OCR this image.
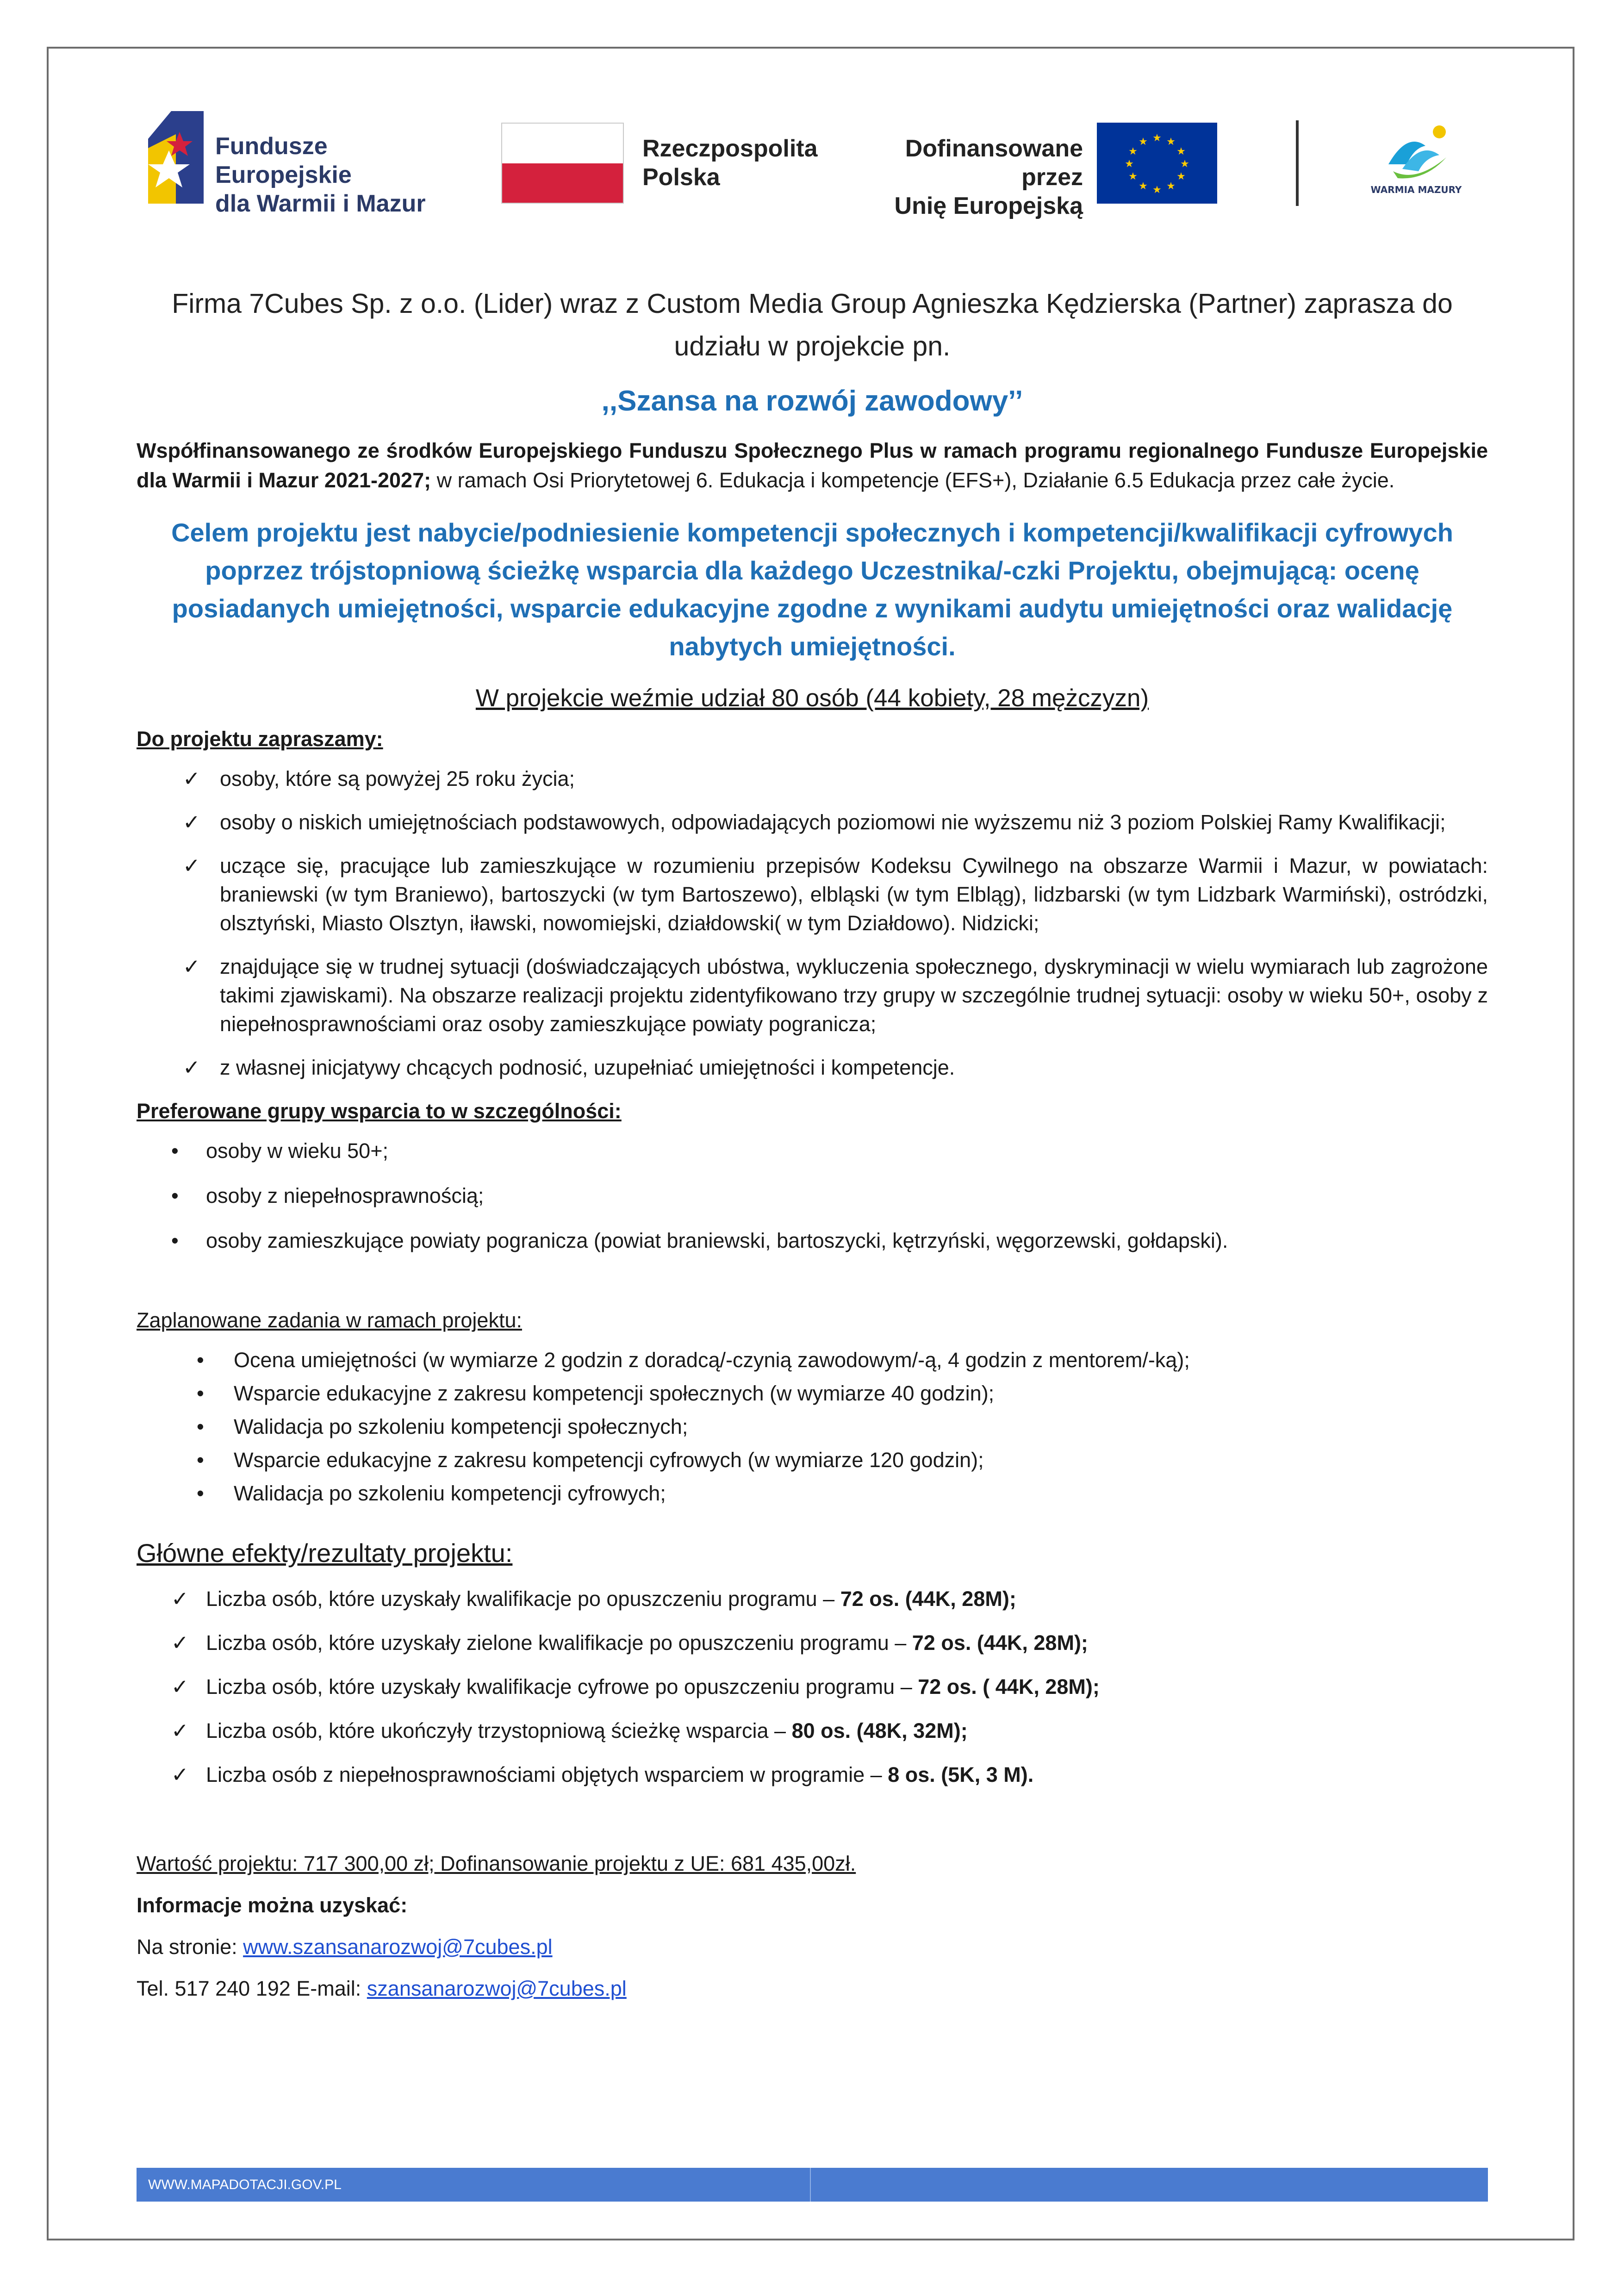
Fundusze Europejskie
dla Warmii i Mazur
Rzeczpospolita
Polska
Dofinansowane przez
Unię Europejską
★ ★
★
★
★
★
★
★
★
★
★
★
WARMIA MAZURY

Firma 7Cubes Sp. z o.o. (Lider) wraz z Custom Media Group Agnieszka Kędzierska (Partner) zaprasza do udziału w projekcie pn.

,,Szansa na rozwój zawodowy’’

Współfinansowanego ze środków Europejskiego Funduszu Społecznego Plus w ramach programu regionalnego Fundusze Europejskie dla Warmii i Mazur 2021-2027; w ramach Osi Priorytetowej 6. Edukacja i kompetencje (EFS+), Działanie 6.5 Edukacja przez całe życie.

Celem projektu jest nabycie/podniesienie kompetencji społecznych i kompetencji/kwalifikacji cyfrowych poprzez trójstopniową ścieżkę wsparcia dla każdego Uczestnika/-czki Projektu, obejmującą: ocenę posiadanych umiejętności, wsparcie edukacyjne zgodne z wynikami audytu umiejętności oraz walidację nabytych umiejętności.

W projekcie weźmie udział 80 osób (44 kobiety, 28 mężczyzn)

Do projektu zapraszamy:
✓ osoby, które są powyżej 25 roku życia;
✓ osoby o niskich umiejętnościach podstawowych, odpowiadających poziomowi nie wyższemu niż 3 poziom Polskiej Ramy Kwalifikacji;
✓ uczące się, pracujące lub zamieszkujące w rozumieniu przepisów Kodeksu Cywilnego na obszarze Warmii i Mazur, w powiatach: braniewski (w tym Braniewo), bartoszycki (w tym Bartoszewo), elbląski (w tym Elbląg), lidzbarski (w tym Lidzbark Warmiński), ostródzki, olsztyński, Miasto Olsztyn, iławski, nowomiejski, działdowski( w tym Działdowo). Nidzicki;
✓ znajdujące się w trudnej sytuacji (doświadczających ubóstwa, wykluczenia społecznego, dyskryminacji w wielu wymiarach lub zagrożone takimi zjawiskami). Na obszarze realizacji projektu zidentyfikowano trzy grupy w szczególnie trudnej sytuacji: osoby w wieku 50+, osoby z niepełnosprawnościami oraz osoby zamieszkujące powiaty pogranicza;
✓ z własnej inicjatywy chcących podnosić, uzupełniać umiejętności i kompetencje.
Preferowane grupy wsparcia to w szczególności:
• osoby w wieku 50+;
• osoby z niepełnosprawnością;
• osoby zamieszkujące powiaty pogranicza (powiat braniewski, bartoszycki, kętrzyński, węgorzewski, gołdapski).
Zaplanowane zadania w ramach projektu:
• Ocena umiejętności (w wymiarze 2 godzin z doradcą/-czynią zawodowym/-ą, 4 godzin z mentorem/-ką);
• Wsparcie edukacyjne z zakresu kompetencji społecznych (w wymiarze 40 godzin);
• Walidacja po szkoleniu kompetencji społecznych;
• Wsparcie edukacyjne z zakresu kompetencji cyfrowych (w wymiarze 120 godzin);
• Walidacja po szkoleniu kompetencji cyfrowych;
Główne efekty/rezultaty projektu:
✓ Liczba osób, które uzyskały kwalifikacje po opuszczeniu programu – 72 os. (44K, 28M);
✓ Liczba osób, które uzyskały zielone kwalifikacje po opuszczeniu programu – 72 os. (44K, 28M);
✓ Liczba osób, które uzyskały kwalifikacje cyfrowe po opuszczeniu programu – 72 os. ( 44K, 28M);
✓ Liczba osób, które ukończyły trzystopniową ścieżkę wsparcia – 80 os. (48K, 32M);
✓ Liczba osób z niepełnosprawnościami objętych wsparciem w programie – 8 os. (5K, 3 M).
Wartość projektu: 717 300,00 zł; Dofinansowanie projektu z UE: 681 435,00zł.
Informacje można uzyskać:
Na stronie: www.szansanarozwoj@7cubes.pl
Tel. 517 240 192 E-mail: szansanarozwoj@7cubes.pl
WWW.MAPADOTACJI.GOV.PL
